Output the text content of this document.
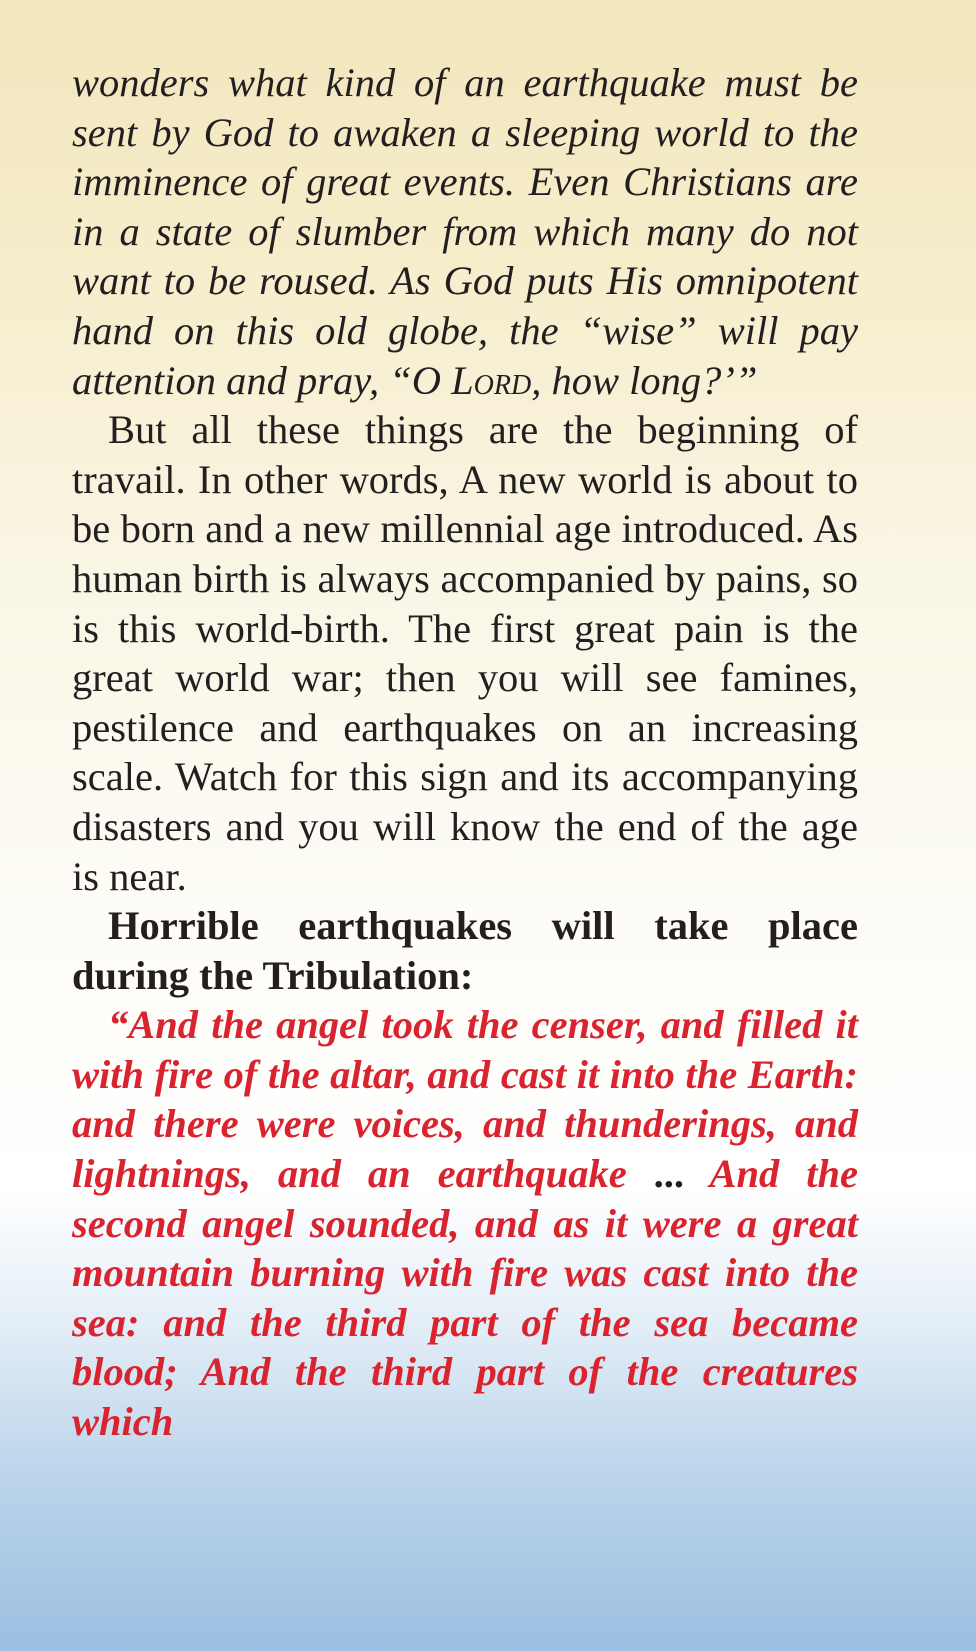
wonders what kind of an earthquake must be sent by God to awaken a sleeping world to the imminence of great events. Even Christians are in a state of slumber from which many do not want to be roused. As God puts His omnipotent hand on this old globe, the “wise” will pay attention and pray, “O Lord, how long?’”

But all these things are the beginning of travail. In other words, A new world is about to be born and a new millennial age introduced. As human birth is always accompanied by pains, so is this world-birth. The first great pain is the great world war; then you will see famines, pestilence and earthquakes on an increasing scale. Watch for this sign and its accompanying disasters and you will know the end of the age is near.

Horrible earthquakes will take place during the Tribulation:

“And the angel took the censer, and filled it with fire of the altar, and cast it into the Earth: and there were voices, and thunderings, and lightnings, and an earthquake ... And the second angel sounded, and as it were a great mountain burning with fire was cast into the sea: and the third part of the sea became blood; And the third part of the creatures which
